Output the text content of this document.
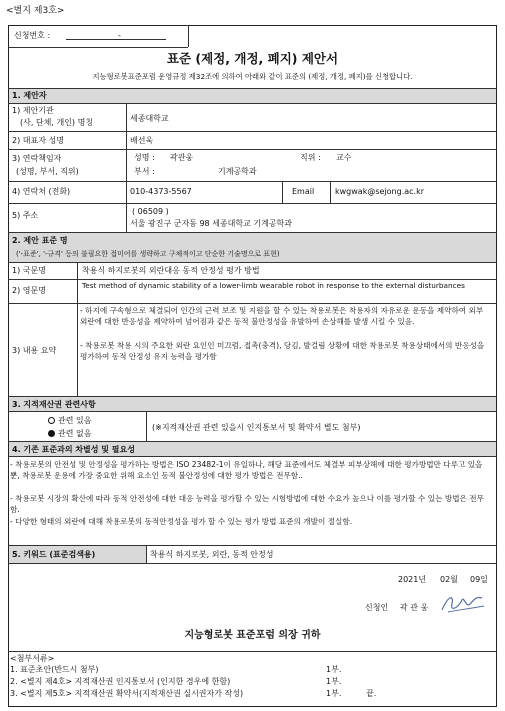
<별지 제3호>
신청번호 :	-
표준 (제정, 개정, 폐지) 제안서
지능형로봇표준포럼 운영규정 제32조에 의하여 아래와 같이 표준의 (제정, 개정, 폐지)를 신청합니다.
1. 제안자
1) 제안기관
(사, 단체, 개인) 명칭	세종대학교
2) 대표자 성명	배선욱
3) 연락책임자
(성명, 부서, 직위)
성명 : 곽관웅	직위 : 교수
부서 :	기계공학과
4) 연락처 (전화)	010-4373-5567	Email	kwgwak@sejong.ac.kr
5) 주소	( 06509 )
서울 광진구 군자동 98 세종대학교 기계공학과
2. 제안 표준 명
('-표준', '-규격' 등의 불필요한 접미어를 생략하고 구체적이고 단순한 기술명으로 표현)
1) 국문명	착용식 하지로봇의 외란대응 동적 안정성 평가 방법
2) 영문명
Test method of dynamic stability of a lower-limb wearable robot in response to the external disturbances
3) 내용 요약
- 하지에 구속형으로 체결되어 인간의 근력 보조 및 지원을 할 수 있는 착용로봇은 착용자의 자유로운 운동을 제약하여 외부 외란에 대한 반응성을 제약하여 넘어짐과 같은 동적 불안정성을 유발하여 손상해를 발생 시킬 수 있음.
- 착용로봇 착용 시의 주요한 외란 요인인 미끄럼, 접촉(충격), 당김, 발걸림 상황에 대한 착용로봇 착용상태에서의 반응성을 평가하여 동적 안정성 유지 능력을 평가함
3. 지적재산권 관련사항
관련 있음
관련 없음
(※지적재산권 관련 있을시 인지통보서 및 확약서 별도 첨부)
4. 기존 표준과의 차별성 및 필요성
- 착용로봇의 안전성 및 안정성을 평가하는 방법은 ISO 23482-1이 유일하나, 해당 표준에서도 체결부 피부상해에 대한 평가방법만 다루고 있을 뿐, 착용로봇 운용에 가장 중요한 위해 요소인 동적 불안정성에 대한 평가 방법은 전무함..
- 착용로봇 시장의 확산에 따라 동적 안전성에 대한 대응 능력을 평가할 수 있는 시험방법에 대한 수요가 높으나 이를 평가할 수 있는 방법은 전무함.
- 다양한 형태의 외란에 대해 착용로봇의 동적안정성을 평가 할 수 있는 평가 방법 표준의 개발이 절실함.
5. 키워드 (표준검색용)	착용식 하지로봇, 외란, 동적 안정성
2021년 02월 09일
신청인 곽 관 웅
지능형로봇 표준포럼 의장 귀하
<첨부서류>
1. 표준초안(반드시 첨부)	1부.
2. <별지 제4호> 지적재산권 인지통보서 (인지한 경우에 한함)	1부.
3. <별지 제5호> 지적재산권 확약서(지적재산권 실시권자가 작성)	1부.	끝.
